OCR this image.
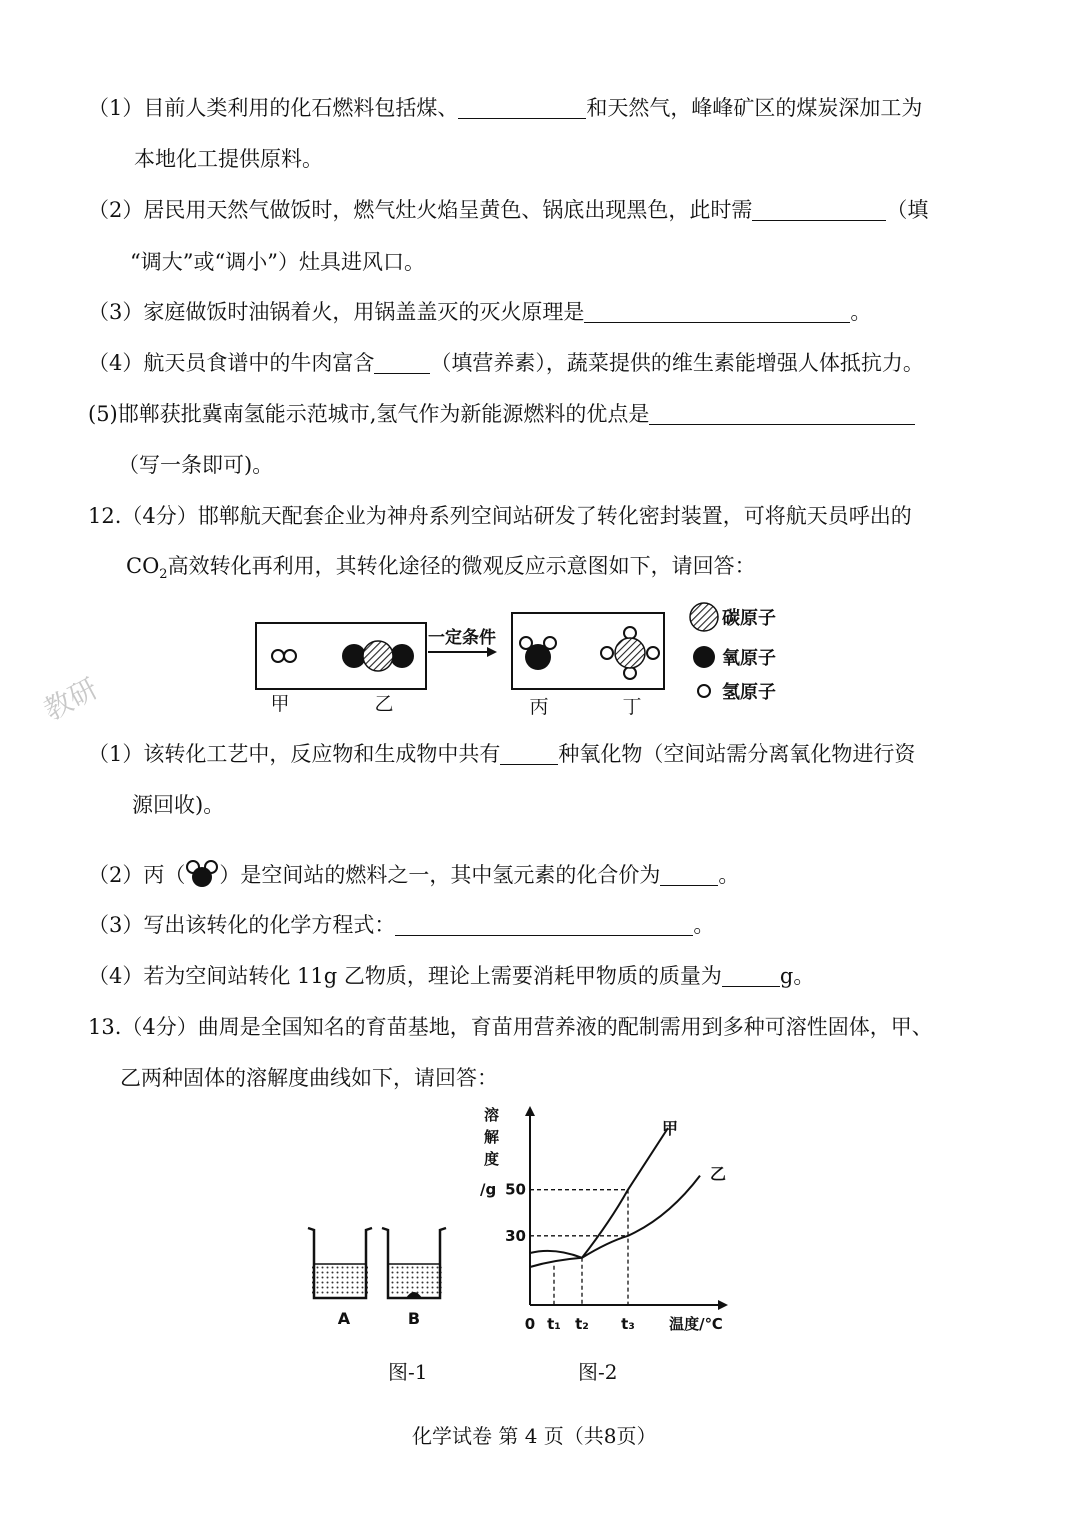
（1）目前人类利用的化石燃料包括煤、	和天然气，峰峰矿区的煤炭深加工为
本地化工提供原料。
（2）居民用天然气做饭时，燃气灶火焰呈黄色、锅底出现黑色，此时需	（填
“调大”或“调小”）灶具进风口。
（3）家庭做饭时油锅着火，用锅盖盖灭的灭火原理是	。
（4）航天员食谱中的牛肉富含	（填营养素），蔬菜提供的维生素能增强人体抵抗力。
(5)邯郸获批冀南氢能示范城市,氢气作为新能源燃料的优点是
（写一条即可)。
12.（4分）邯郸航天配套企业为神舟系列空间站研发了转化密封装置，可将航天员呼出的
$CO_2$高效转化再利用，其转化途径的微观反应示意图如下，请回答：
一定条件
甲	乙	丙	丁
碳原子
氧原子
氢原子
教研
（1）该转化工艺中，反应物和生成物中共有	种氧化物（空间站需分离氧化物进行资
源回收)。
（2）丙（ ）是空间站的燃料之一，其中氢元素的化合价为	。
（3）写出该转化的化学方程式：	。
（4）若为空间站转化 11g 乙物质，理论上需要消耗甲物质的质量为	g。
13.（4分）曲周是全国知名的育苗基地，育苗用营养液的配制需用到多种可溶性固体，甲、
乙两种固体的溶解度曲线如下，请回答：
A	B
溶
解
度
/g
30
50
0 t₁ t₂ t₃ 温度/℃
甲
乙
图-1	图-2
化学试卷 第 4 页（共8页）
